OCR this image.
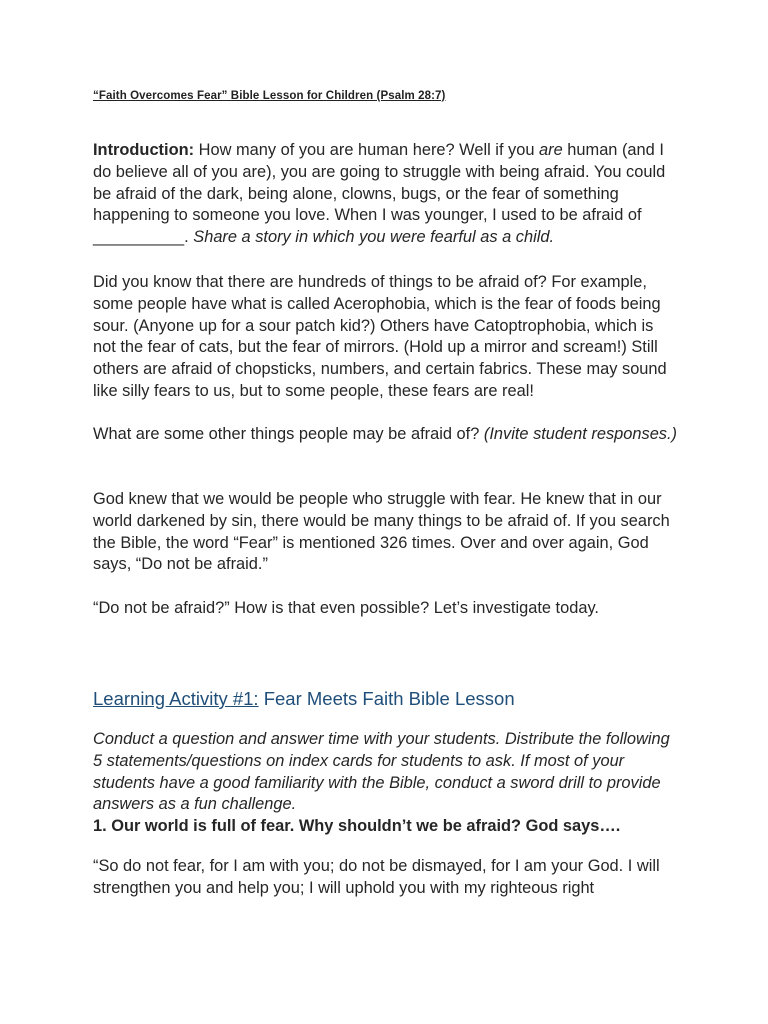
“Faith Overcomes Fear” Bible Lesson for Children (Psalm 28:7)

Introduction: How many of you are human here? Well if you are human (and I do believe all of you are), you are going to struggle with being afraid. You could be afraid of the dark, being alone, clowns, bugs, or the fear of something happening to someone you love. When I was younger, I used to be afraid of __________. Share a story in which you were fearful as a child.

Did you know that there are hundreds of things to be afraid of? For example, some people have what is called Acerophobia, which is the fear of foods being sour. (Anyone up for a sour patch kid?) Others have Catoptrophobia, which is not the fear of cats, but the fear of mirrors. (Hold up a mirror and scream!) Still others are afraid of chopsticks, numbers, and certain fabrics. These may sound like silly fears to us, but to some people, these fears are real!

What are some other things people may be afraid of? (Invite student responses.)

God knew that we would be people who struggle with fear. He knew that in our world darkened by sin, there would be many things to be afraid of. If you search the Bible, the word “Fear” is mentioned 326 times. Over and over again, God says, “Do not be afraid.”

“Do not be afraid?” How is that even possible? Let’s investigate today.

Learning Activity #1: Fear Meets Faith Bible Lesson

Conduct a question and answer time with your students. Distribute the following 5 statements/questions on index cards for students to ask. If most of your students have a good familiarity with the Bible, conduct a sword drill to provide answers as a fun challenge.

1. Our world is full of fear. Why shouldn’t we be afraid? God says….

“So do not fear, for I am with you; do not be dismayed, for I am your God. I will strengthen you and help you; I will uphold you with my righteous right
